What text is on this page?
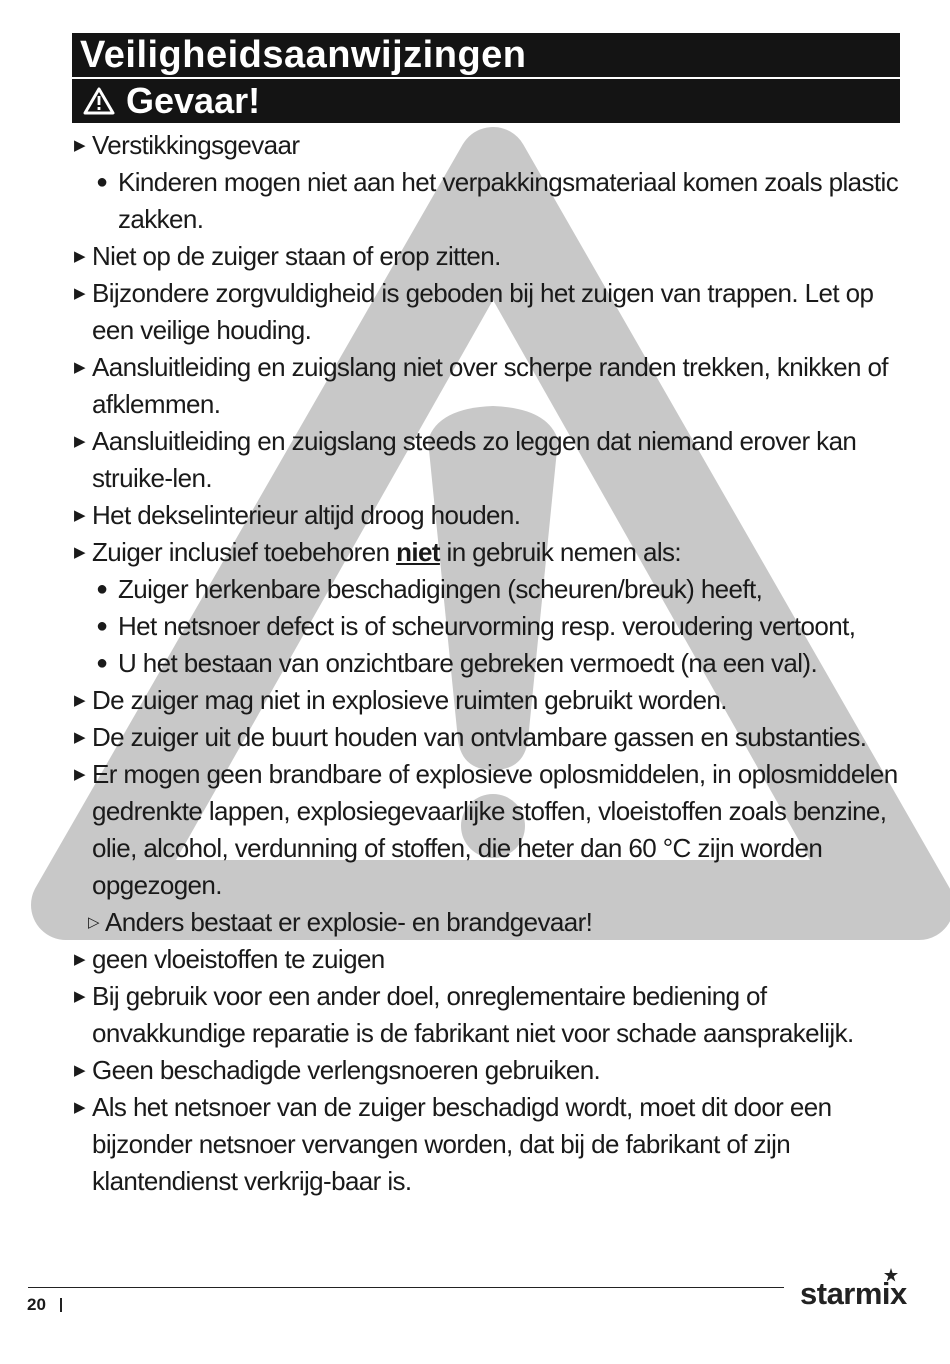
Veiligheidsaanwijzingen
Gevaar!
▶ Verstikkingsgevaar
● Kinderen mogen niet aan het verpakkingsmateriaal komen zoals plastic zakken.
▶ Niet op de zuiger staan of erop zitten.
▶ Bijzondere zorgvuldigheid is geboden bij het zuigen van trappen. Let op een veilige houding.
▶ Aansluitleiding en zuigslang niet over scherpe randen trekken, knikken of afklemmen.
▶ Aansluitleiding en zuigslang steeds zo leggen dat niemand erover kan struike-len.
▶ Het dekselinterieur altijd droog houden.
▶ Zuiger inclusief toebehoren niet in gebruik nemen als:
● Zuiger herkenbare beschadigingen (scheuren/breuk) heeft,
● Het netsnoer defect is of scheurvorming resp. veroudering vertoont,
● U het bestaan van onzichtbare gebreken vermoedt (na een val).
▶ De zuiger mag niet in explosieve ruimten gebruikt worden.
▶ De zuiger uit de buurt houden van ontvlambare gassen en substanties.
▶ Er mogen geen brandbare of explosieve oplosmiddelen, in oplosmiddelen gedrenkte lappen, explosiegevaarlijke stoffen, vloeistoffen zoals benzine, olie, alcohol, verdunning of stoffen, die heter dan 60 °C zijn worden opgezogen.
▷ Anders bestaat er explosie- en brandgevaar!
▶ geen vloeistoffen te zuigen
▶ Bij gebruik voor een ander doel, onreglementaire bediening of onvakkundige reparatie is de fabrikant niet voor schade aansprakelijk.
▶ Geen beschadigde verlengsnoeren gebruiken.
▶ Als het netsnoer van de zuiger beschadigd wordt, moet dit door een bijzonder netsnoer vervangen worden, dat bij de fabrikant of zijn klantendienst verkrijg-baar is.
20	starmix
